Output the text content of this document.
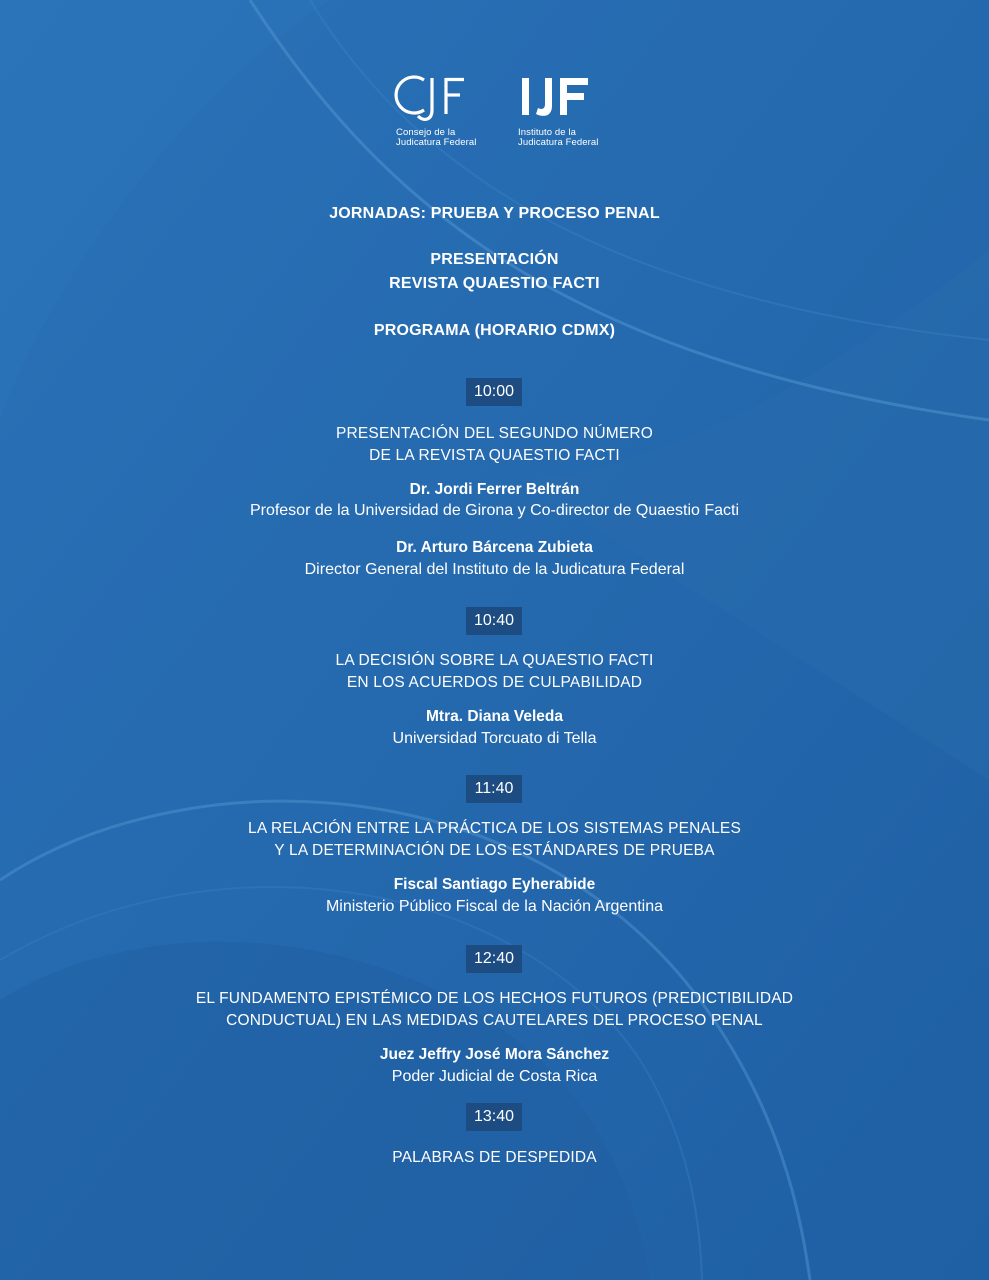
Consejo de la
Judicatura Federal
Instituto de la
Judicatura Federal
JORNADAS: PRUEBA Y PROCESO PENAL
PRESENTACIÓN
REVISTA QUAESTIO FACTI
PROGRAMA (HORARIO CDMX)
10:00
PRESENTACIÓN DEL SEGUNDO NÚMERO
DE LA REVISTA QUAESTIO FACTI
Dr. Jordi Ferrer Beltrán
Profesor de la Universidad de Girona y Co-director de Quaestio Facti
Dr. Arturo Bárcena Zubieta
Director General del Instituto de la Judicatura Federal
10:40
LA DECISIÓN SOBRE LA QUAESTIO FACTI
EN LOS ACUERDOS DE CULPABILIDAD
Mtra. Diana Veleda
Universidad Torcuato di Tella
11:40
LA RELACIÓN ENTRE LA PRÁCTICA DE LOS SISTEMAS PENALES
Y LA DETERMINACIÓN DE LOS ESTÁNDARES DE PRUEBA
Fiscal Santiago Eyherabide
Ministerio Público Fiscal de la Nación Argentina
12:40
EL FUNDAMENTO EPISTÉMICO DE LOS HECHOS FUTUROS (PREDICTIBILIDAD
CONDUCTUAL) EN LAS MEDIDAS CAUTELARES DEL PROCESO PENAL
Juez Jeffry José Mora Sánchez
Poder Judicial de Costa Rica
13:40
PALABRAS DE DESPEDIDA
